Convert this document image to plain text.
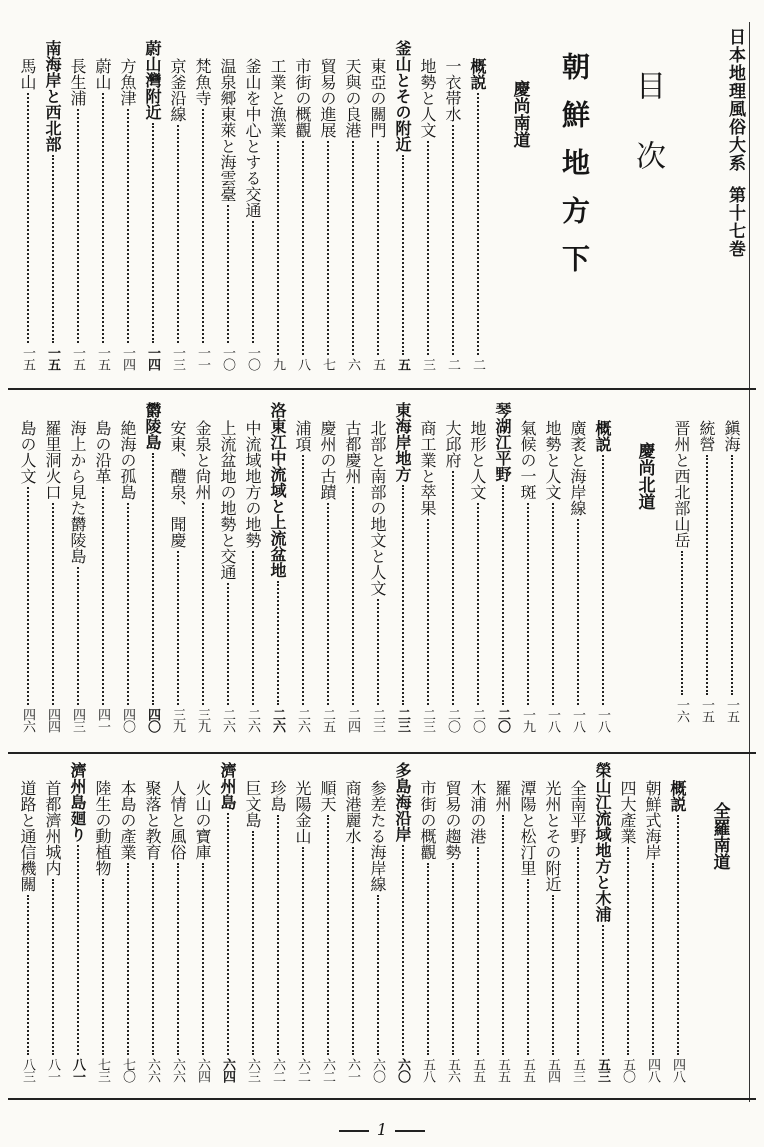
日本地理風俗大系第十七巻
目次
朝鮮地方下
慶尚南道
概説
二
一衣帯水
二
地勢と人文
三
釜山とその附近
五
東亞の關門
五
天與の良港
六
貿易の進展
七
市街の概觀
八
工業と漁業
九
釜山を中心とする交通
一〇
温泉郷東萊と海雲臺
一〇
梵魚寺
一一
京釜沿線
一三
蔚山灣附近
一四
方魚津
一四
蔚山
一五
長生浦
一五
南海岸と西北部
一五
馬山
一五
鎭海
一五
統營
一五
晋州と西北部山岳
一六
慶尚北道
概説
一八
廣袤と海岸線
一八
地勢と人文
一八
氣候の一斑
一九
琴湖江平野
二〇
地形と人文
二〇
大邱府
二〇
商工業と萃果
二三
東海岸地方
二三
北部と南部の地文と人文
二三
古都慶州
二四
慶州の古蹟
二五
浦項
二六
洛東江中流域と上流盆地
二六
中流域地方の地勢
二六
上流盆地の地勢と交通
二六
金泉と尙州
三九
安東、醴泉、聞慶
三九
欝陵島
四〇
絶海の孤島
四〇
島の沿革
四一
海上から見た欝陵島
四三
羅里洞火口
四四
島の人文
四六
全羅南道
概説
四八
朝鮮式海岸
四八
四大產業
五〇
榮山江流域地方と木浦
五三
全南平野
五三
光州とその附近
五四
潭陽と松汀里
五五
羅州
五五
木浦の港
五五
貿易の趨勢
五六
市街の概觀
五八
多島海沿岸
六〇
参差たる海岸線
六〇
商港麗水
六一
順天
六二
光陽金山
六二
珍島
六二
巨文島
六三
濟州島
六四
火山の寶庫
六四
人情と風俗
六六
聚落と教育
六六
本島の產業
七〇
陸生の動植物
七三
濟州島廻り
八一
首都濟州城内
八一
道路と通信機關
八三
1
